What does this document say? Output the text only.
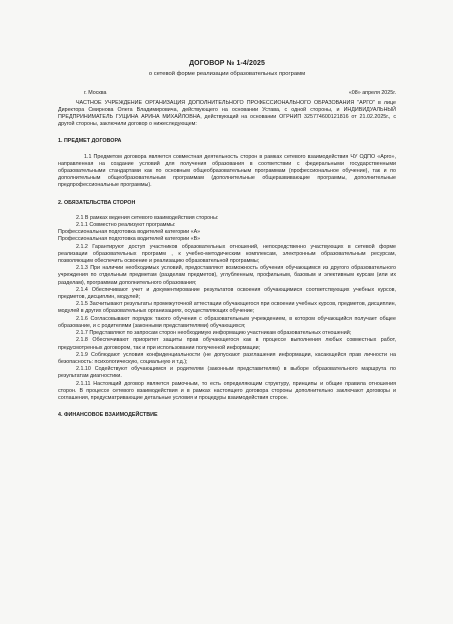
ДОГОВОР № 1-4/2025

о сетевой форме реализации образовательных программ

г. Москва	«08» апреля 2025г.

ЧАСТНОЕ УЧРЕЖДЕНИЕ ОРГАНИЗАЦИЯ ДОПОЛНИТЕЛЬНОГО ПРОФЕССИОНАЛЬНОГО ОБРАЗОВАНИЯ "АРГО" в лице Директора Смирнова Олега Владимировича, действующего на основании Устава, с одной стороны, и ИНДИВИДУАЛЬНЫЙ ПРЕДПРИНИМАТЕЛЬ ГУЩИНА АРИНА МИХАЙЛОВНА, действующий на основании ОГРНИП 325774600121816 от 21.02.2025г., с другой стороны, заключили договор о нижеследующем:

1. ПРЕДМЕТ ДОГОВОРА

1.1 Предметом договора является совместная деятельность сторон в рамках сетевого взаимодействия ЧУ ОДПО «Арго», направленная на создание условий для получения образования в соответствии с федеральными государственными образовательными стандартами как по основным общеобразовательным программам (профессиональное обучение), так и по дополнительным общеобразовательным программам (дополнительные общеразвивающие программы, дополнительные предпрофессиональные программы).

2. ОБЯЗАТЕЛЬСТВА СТОРОН

2.1 В рамках ведения сетевого взаимодействия стороны:

2.1.1 Совместно реализуют программы:

Профессиональная подготовка водителей категории «А»

Профессиональная подготовка водителей категории «В»

2.1.2 Гарантируют доступ участников образовательных отношений, непосредственно участвующих в сетевой форме реализации образовательных программ , к учебно-методическим комплексам, электронным образовательным ресурсам, позволяющим обеспечить освоение и реализацию образовательной программы;

2.1.3 При наличии необходимых условий, предоставляют возможность обучения обучающимся из другого образовательного учреждения по отдельным предметам (разделам предметов), углубленным, профильным, базовым и элективным курсам (или их разделам), программам дополнительного образования;

2.1.4 Обеспечивают учет и документирование результатов освоения обучающимися соответствующих учебных курсов, предметов, дисциплин, модулей;

2.1.5 Засчитывают результаты промежуточной аттестации обучающегося при освоении учебных курсов, предметов, дисциплин, модулей в других образовательных организациях, осуществляющих обучение;

2.1.6 Согласовывают порядок такого обучения с образовательным учреждением, в котором обучающийся получает общее образование, и с родителями (законными представителями) обучающихся;

2.1.7 Представляют по запросам сторон необходимую информацию участникам образовательных отношений;

2.1.8 Обеспечивают приоритет защиты прав обучающегося как в процессе выполнения любых совместных работ, предусмотренных договором, так и при использовании полученной информации;

2.1.9 Соблюдают условия конфиденциальности (не допускают разглашения информации, касающейся прав личности на безопасность: психологическую, социальную и т.д.);

2.1.10 Содействуют обучающимся и родителям (законным представителям) в выборе образовательного маршрута по результатам диагностики.

2.1.11 Настоящий договор является рамочным, то есть определяющим структуру, принципы и общие правила отношения сторон. В процессе сетевого взаимодействия и в рамках настоящего договора стороны дополнительно заключают договоры и соглашения, предусматривающие детальные условия и процедуры взаимодействия сторон.

4. ФИНАНСОВОЕ ВЗАИМОДЕЙСТВИЕ
